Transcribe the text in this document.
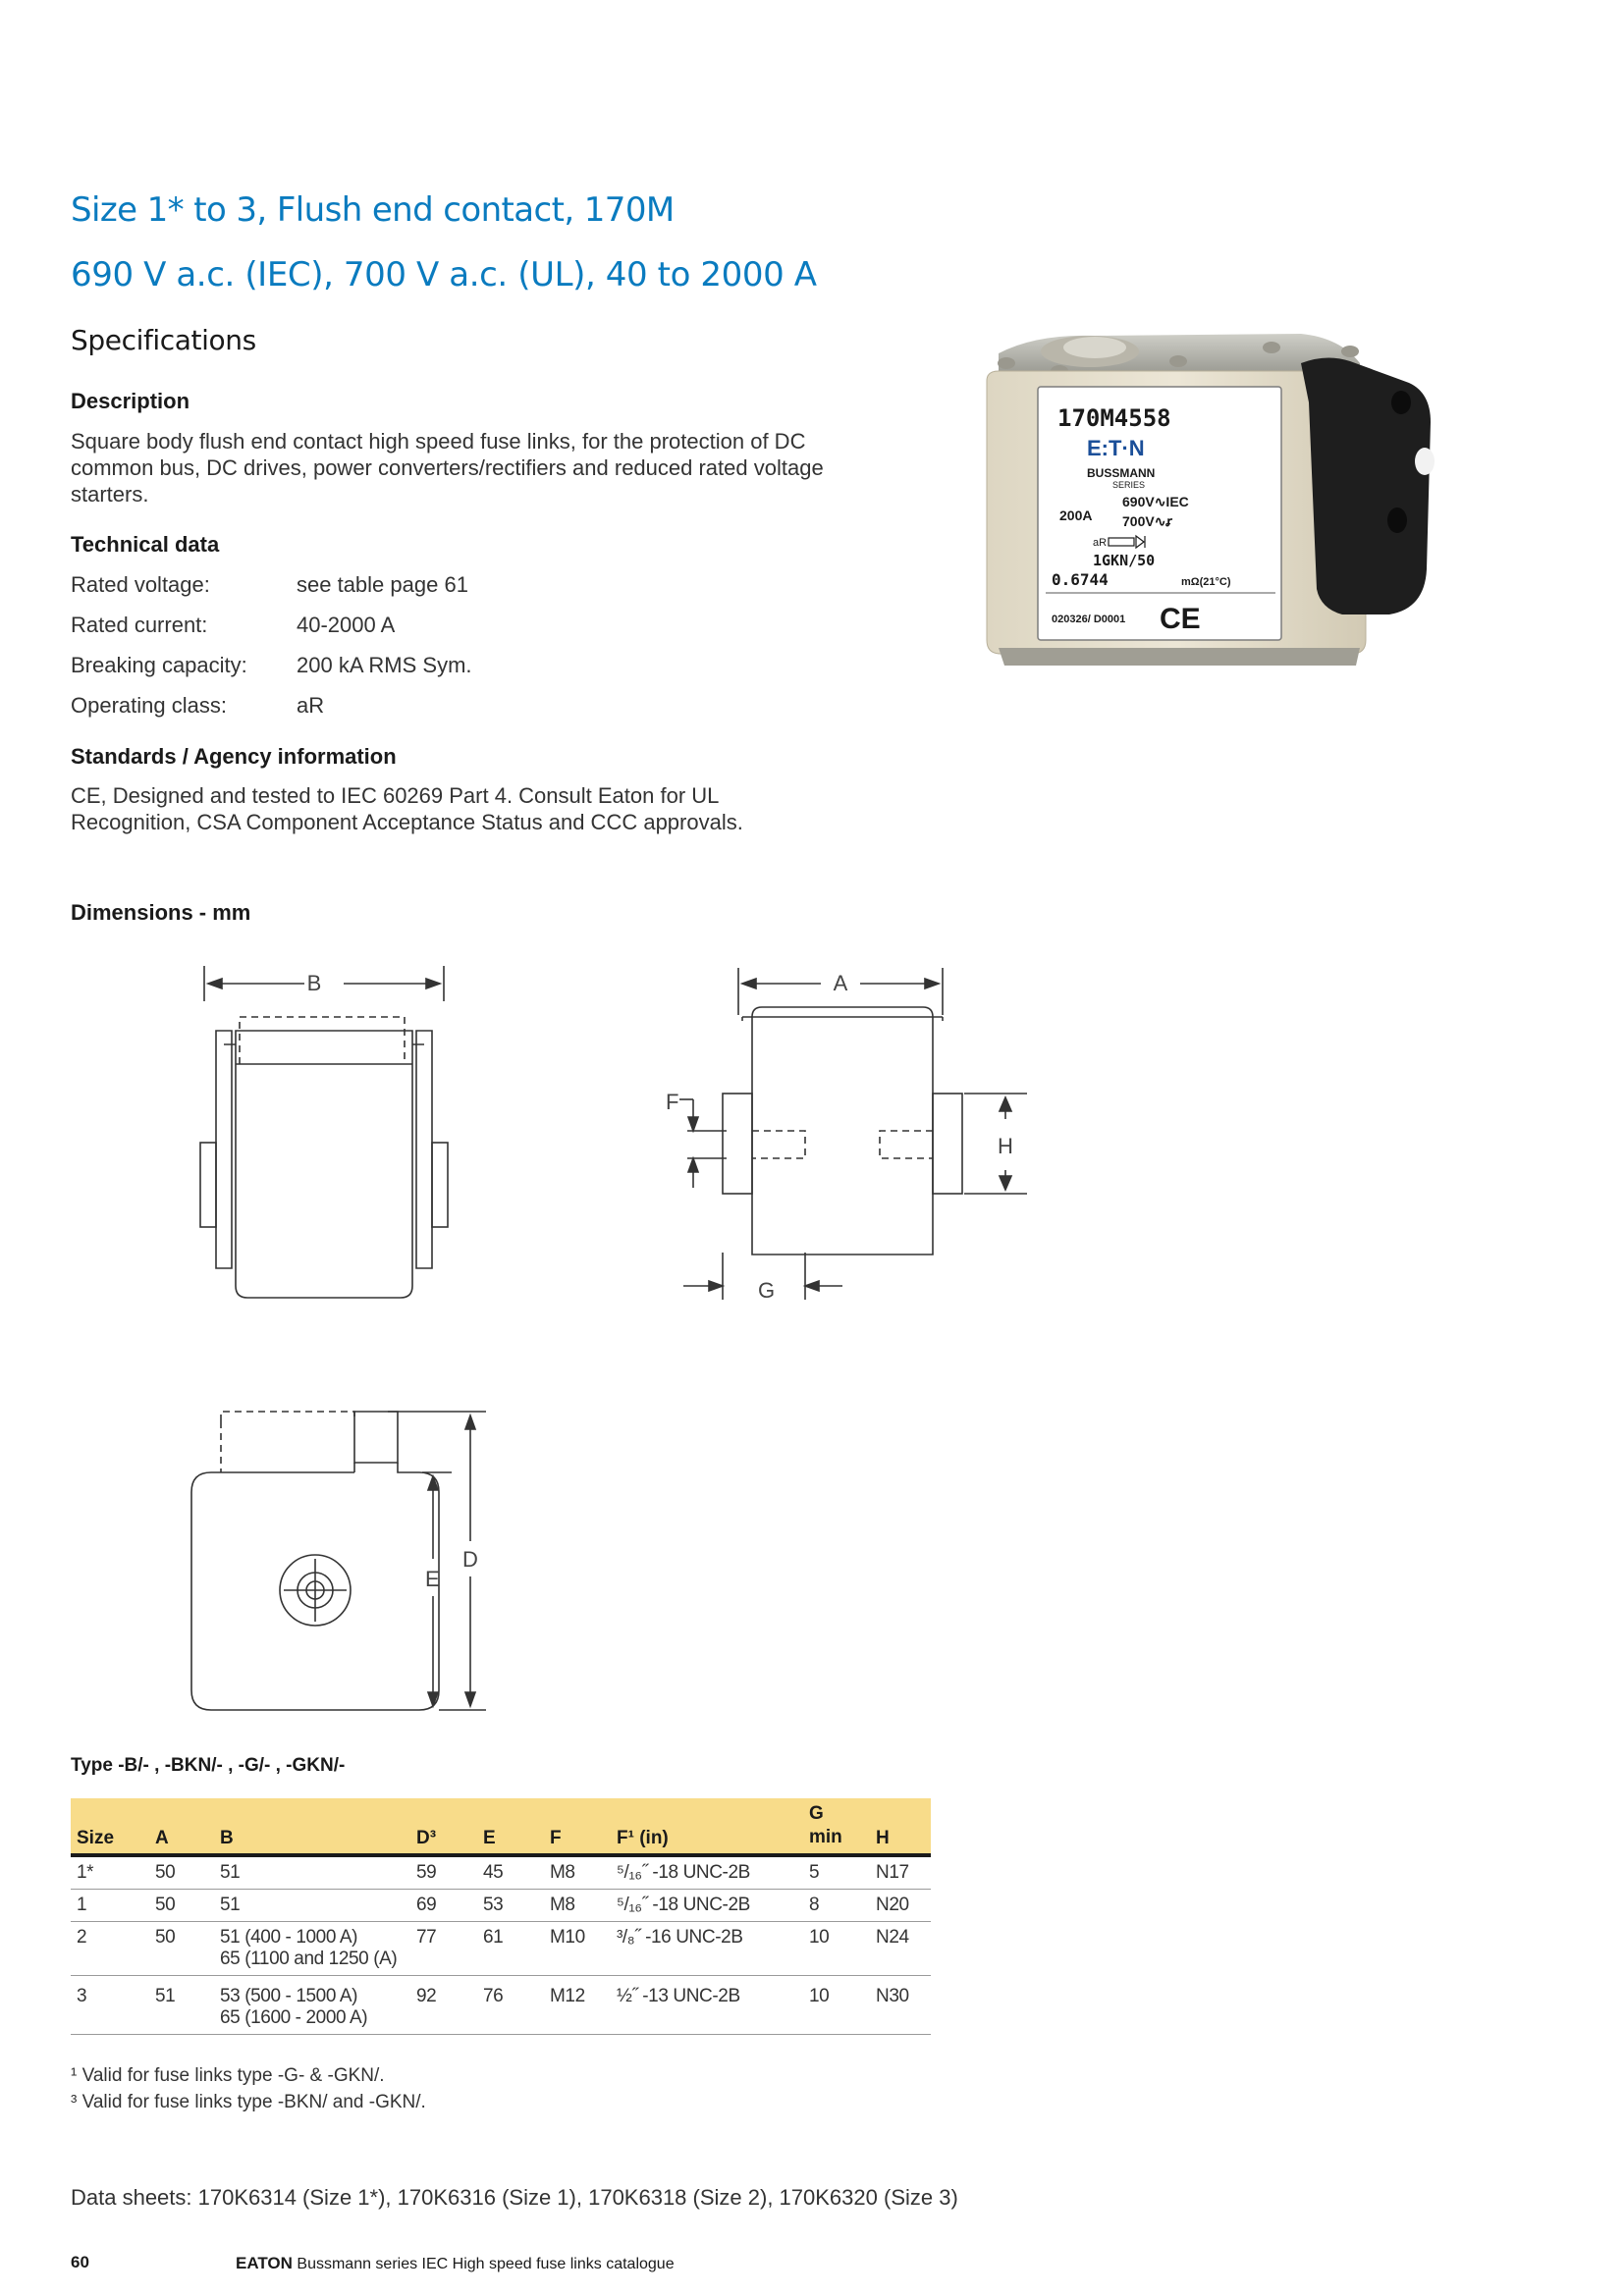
Size 1* to 3, Flush end contact, 170M
690 V a.c. (IEC), 700 V a.c. (UL), 40 to 2000 A
Specifications
Description
Square body flush end contact high speed fuse links, for the protection of DC common bus, DC drives, power converters/rectifiers and reduced rated voltage starters.
Technical data
Rated voltage:	see table page 61
Rated current:	40-2000 A
Breaking capacity: 200 kA RMS Sym.
Operating class:	aR
Standards / Agency information
CE, Designed and tested to IEC 60269 Part 4. Consult Eaton for UL Recognition, CSA Component Acceptance Status and CCC approvals.
170M4558
E:T·N
BUSSMANN
SERIES
200A
690V∿IEC
700V∿ꭉ
aR
1GKN/50
0.6744	mΩ(21°C)
020326/ D0001 CE
Dimensions - mm
B	A
F
H
G
D
E
Type -B/- , -BKN/- , -G/- , -GKN/-
Size	A	B	D³	E	F	F¹ (in)	G
min	H
1*	50	51	59	45	M8	⁵/₁₆˝ -18 UNC-2B	5	N17
1	50	51	69	53	M8	⁵/₁₆˝ -18 UNC-2B	8	N20
2	50	51 (400 - 1000 A)
65 (1100 and 1250 (A)	77	61	M10	³/₈˝ -16 UNC-2B	10	N24
3	51	53 (500 - 1500 A)
65 (1600 - 2000 A)	92	76	M12	½˝ -13 UNC-2B	10	N30
¹ Valid for fuse links type -G- & -GKN/.
³ Valid for fuse links type -BKN/ and -GKN/.
Data sheets: 170K6314 (Size 1*), 170K6316 (Size 1), 170K6318 (Size 2), 170K6320 (Size 3)
60	EATON Bussmann series IEC High speed fuse links catalogue
